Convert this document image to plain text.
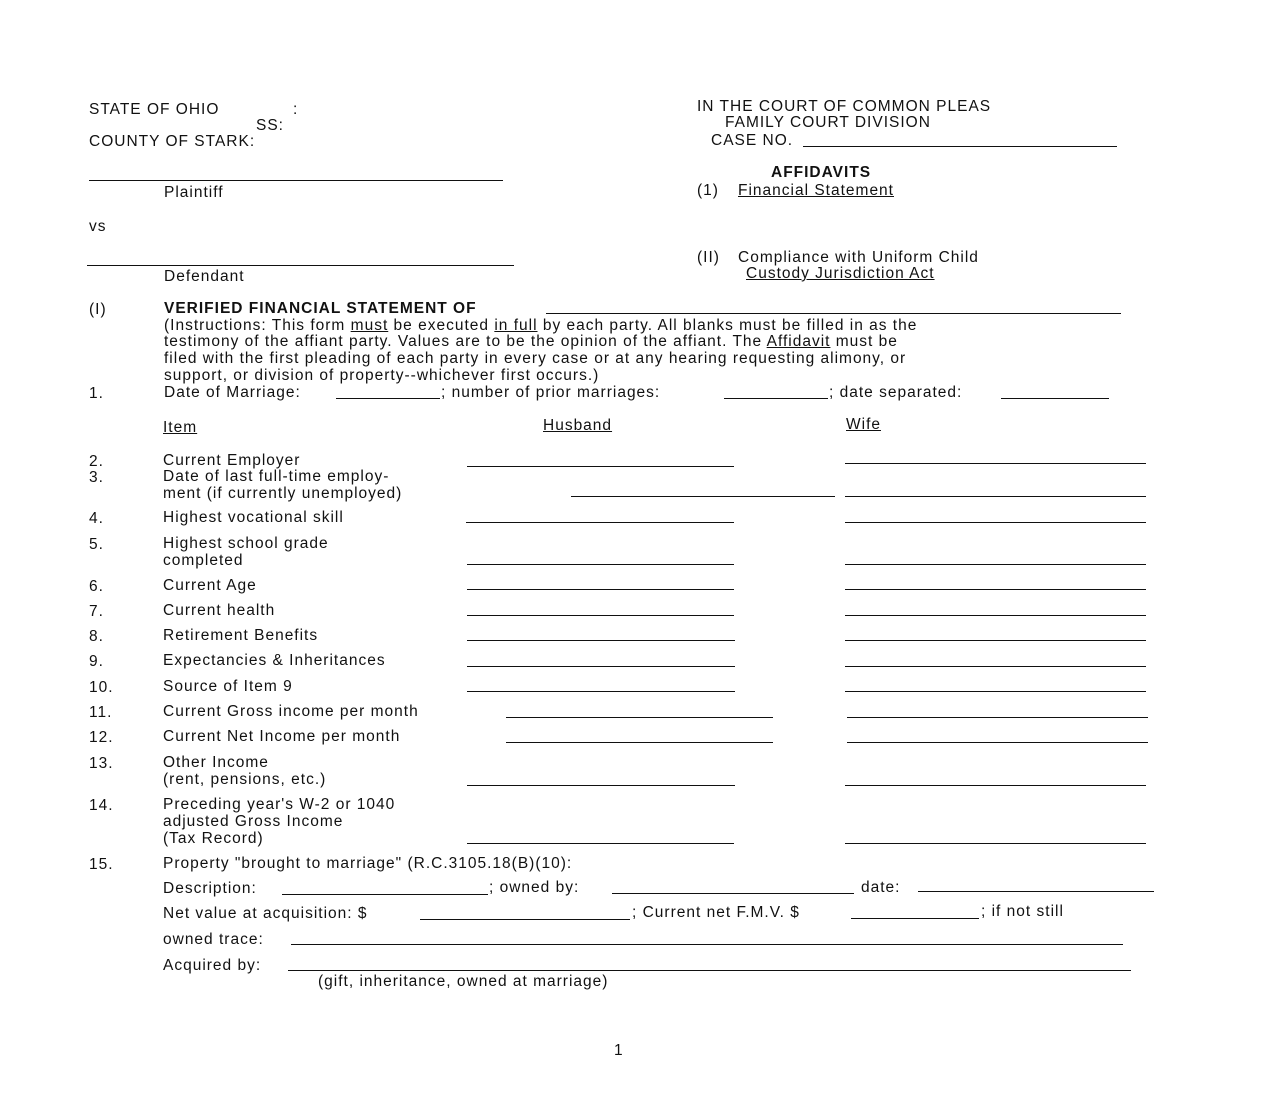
STATE OF OHIO	:
SS:
COUNTY OF STARK:
IN THE COURT OF COMMON PLEAS
FAMILY COURT DIVISION
CASE NO.
Plaintiff
vs
Defendant
AFFIDAVITS
(1) Financial Statement
(II) Compliance with Uniform Child
Custody Jurisdiction Act
(I)	VERIFIED FINANCIAL STATEMENT OF
(Instructions: This form must be executed in full by each party. All blanks must be filled in as the
testimony of the affiant party. Values are to be the opinion of the affiant. The Affidavit must be
filed with the first pleading of each party in every case or at any hearing requesting alimony, or
support, or division of property--whichever first occurs.)
1.	Date of Marriage:	; number of prior marriages:	; date separated:
Item	Husband	Wife
2.	Current Employer
3.	Date of last full-time employ-
ment (if currently unemployed)
4.	Highest vocational skill
5.	Highest school grade
completed
6.	Current Age
7.	Current health
8.	Retirement Benefits
9.	Expectancies & Inheritances
10.	Source of Item 9
11.	Current Gross income per month
12.	Current Net Income per month
13.	Other Income
(rent, pensions, etc.)
14.	Preceding year's W-2 or 1040
adjusted Gross Income
(Tax Record)
15.	Property "brought to marriage" (R.C.3105.18(B)(10):
Description:	; owned by:	date:
Net value at acquisition: $	; Current net F.M.V. $	; if not still
owned trace:
Acquired by:
(gift, inheritance, owned at marriage)
1
